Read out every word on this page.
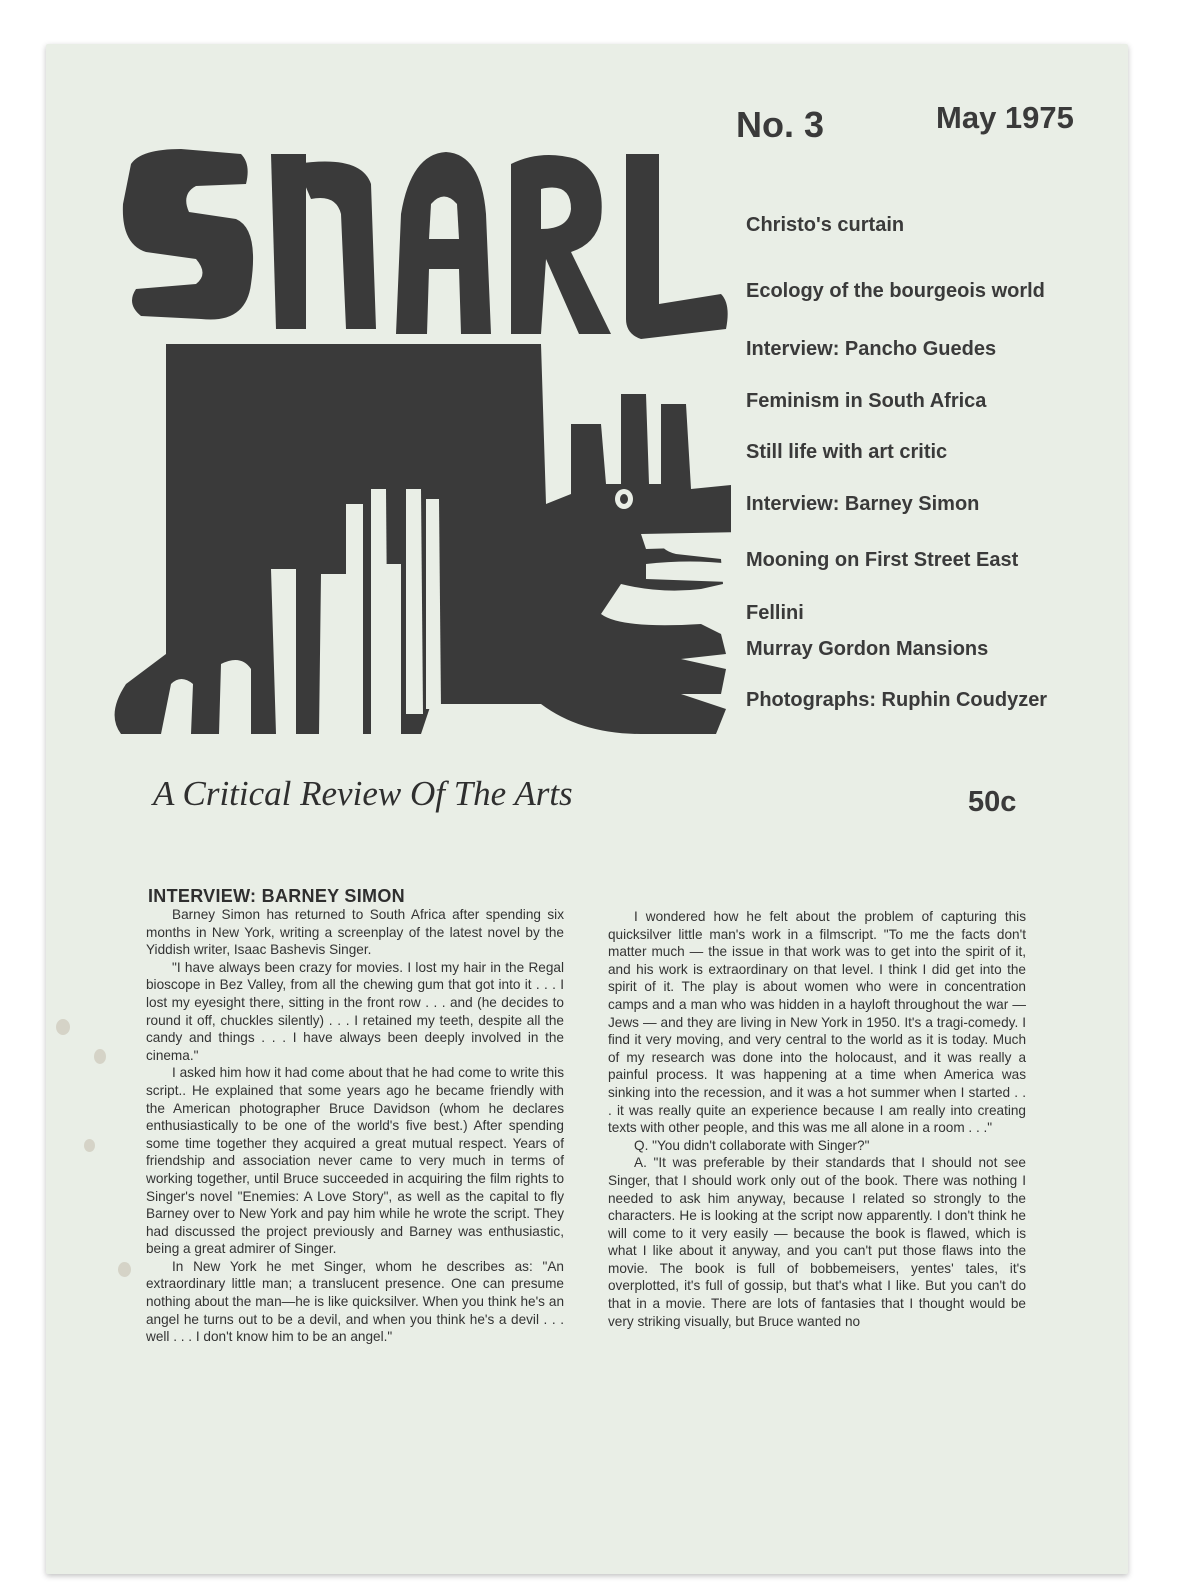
No. 3	May 1975
Christo's curtain
Ecology of the bourgeois world
Interview: Pancho Guedes
Feminism in South Africa
Still life with art critic
Interview: Barney Simon
Mooning on First Street East
Fellini
Murray Gordon Mansions
Photographs: Ruphin Coudyzer
A Critical Review Of The Arts	50c
INTERVIEW: BARNEY SIMON

Barney Simon has returned to South Africa after spending six months in New York, writing a screenplay of the latest novel by the Yiddish writer, Isaac Bashevis Singer.

"I have always been crazy for movies. I lost my hair in the Regal bioscope in Bez Valley, from all the chewing gum that got into it . . . I lost my eyesight there, sitting in the front row . . . and (he decides to round it off, chuckles silently) . . . I retained my teeth, despite all the candy and things . . . I have always been deeply involved in the cinema."

I asked him how it had come about that he had come to write this script.. He explained that some years ago he became friendly with the American photographer Bruce Davidson (whom he declares enthusiastically to be one of the world's five best.) After spending some time together they acquired a great mutual respect. Years of friendship and association never came to very much in terms of working together, until Bruce succeeded in acquiring the film rights to Singer's novel "Enemies: A Love Story", as well as the capital to fly Barney over to New York and pay him while he wrote the script. They had discussed the project previously and Barney was enthusiastic, being a great admirer of Singer.

In New York he met Singer, whom he describes as: "An extraordinary little man; a translucent presence. One can presume nothing about the man—he is like quicksilver. When you think he's an angel he turns out to be a devil, and when you think he's a devil . . . well . . . I don't know him to be an angel."

I wondered how he felt about the problem of capturing this quicksilver little man's work in a filmscript. "To me the facts don't matter much — the issue in that work was to get into the spirit of it, and his work is extraordinary on that level. I think I did get into the spirit of it. The play is about women who were in concentration camps and a man who was hidden in a hayloft throughout the war — Jews — and they are living in New York in 1950. It's a tragi-comedy. I find it very moving, and very central to the world as it is today. Much of my research was done into the holocaust, and it was really a painful process. It was happening at a time when America was sinking into the recession, and it was a hot summer when I started . . . it was really quite an experience because I am really into creating texts with other people, and this was me all alone in a room . . ."

Q. "You didn't collaborate with Singer?"

A. "It was preferable by their standards that I should not see Singer, that I should work only out of the book. There was nothing I needed to ask him anyway, because I related so strongly to the characters. He is looking at the script now apparently. I don't think he will come to it very easily — because the book is flawed, which is what I like about it anyway, and you can't put those flaws into the movie. The book is full of bobbemeisers, yentes' tales, it's overplotted, it's full of gossip, but that's what I like. But you can't do that in a movie. There are lots of fantasies that I thought would be very striking visually, but Bruce wanted no
